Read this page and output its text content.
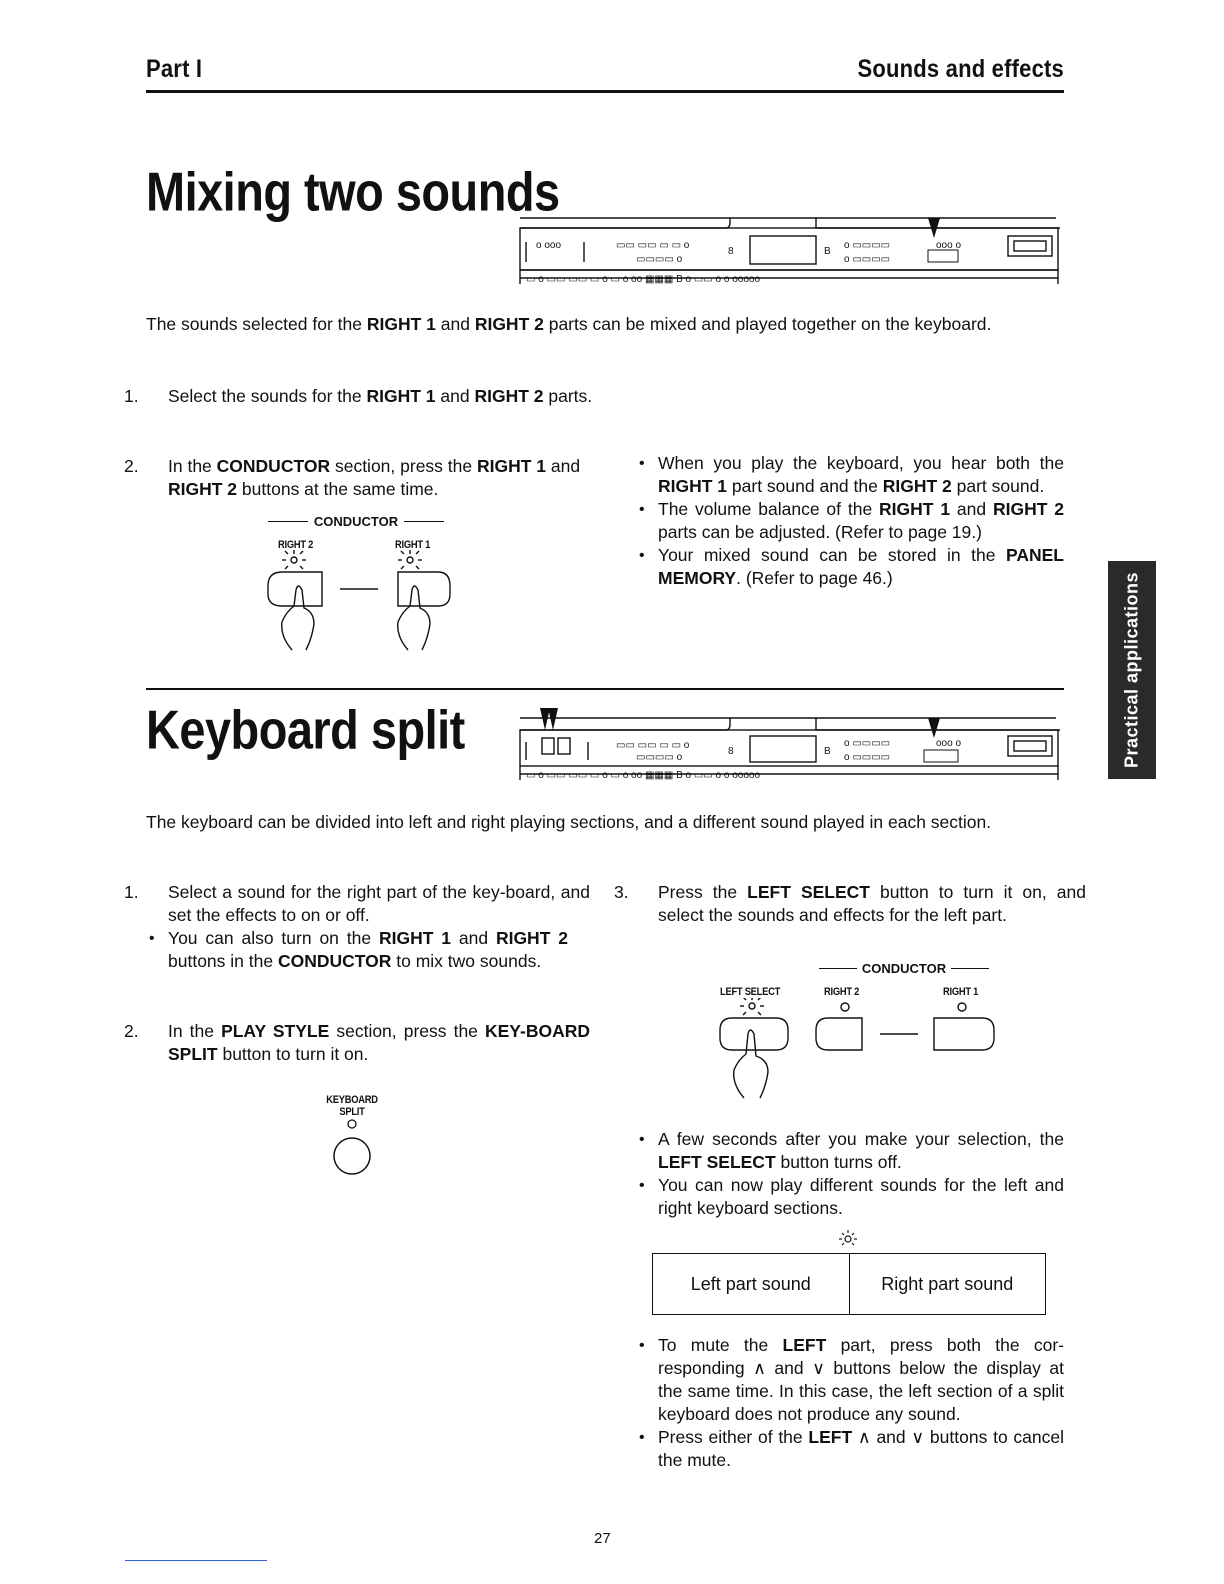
Part I	Sounds and effects
Practical applications
Mixing two sounds
o ooo	▭▭ ▭▭ ▭ ▭ o
▭▭▭▭ o
8	B
o ▭▭▭▭
o ▭▭▭▭
ooo o
▭ o ▭▭ ▭▭ ▭ o ▭ o oo ▦▦▦ B o ▭▭ o o ooooo
The sounds selected for the RIGHT 1 and RIGHT 2 parts can be mixed and played together on the keyboard.
1. Select the sounds for the RIGHT 1 and RIGHT 2 parts.
2. In the CONDUCTOR section, press the RIGHT 1 and RIGHT 2 buttons at the same time.
CONDUCTOR
RIGHT 2	RIGHT 1
• When you play the keyboard, you hear both the RIGHT 1 part sound and the RIGHT 2 part sound.
• The volume balance of the RIGHT 1 and RIGHT 2 parts can be adjusted. (Refer to page 19.)
• Your mixed sound can be stored in the PANEL MEMORY. (Refer to page 46.)
Keyboard split	▭▭ ▭▭ ▭ ▭ o
▭▭▭▭ o
8	B
o ▭▭▭▭
o ▭▭▭▭
ooo o
▭ o ▭▭ ▭▭ ▭ o ▭ o oo ▦▦▦ B o ▭▭ o o ooooo
The keyboard can be divided into left and right playing sections, and a different sound played in each section.
1. Select a sound for the right part of the key-board, and set the effects to on or off.
• You can also turn on the RIGHT 1 and RIGHT 2 buttons in the CONDUCTOR to mix two sounds.
2. In the PLAY STYLE section, press the KEY-BOARD SPLIT button to turn it on.
KEYBOARD
SPLIT
3. Press the LEFT SELECT button to turn it on, and select the sounds and effects for the left part.
CONDUCTOR
LEFT SELECT	RIGHT 2	RIGHT 1
• A few seconds after you make your selection, the LEFT SELECT button turns off.
• You can now play different sounds for the left and right keyboard sections.
Left part sound	Right part sound
• To mute the LEFT part, press both the cor-responding ∧ and ∨ buttons below the display at the same time. In this case, the left section of a split keyboard does not produce any sound.
• Press either of the LEFT ∧ and ∨ buttons to cancel the mute.
27
